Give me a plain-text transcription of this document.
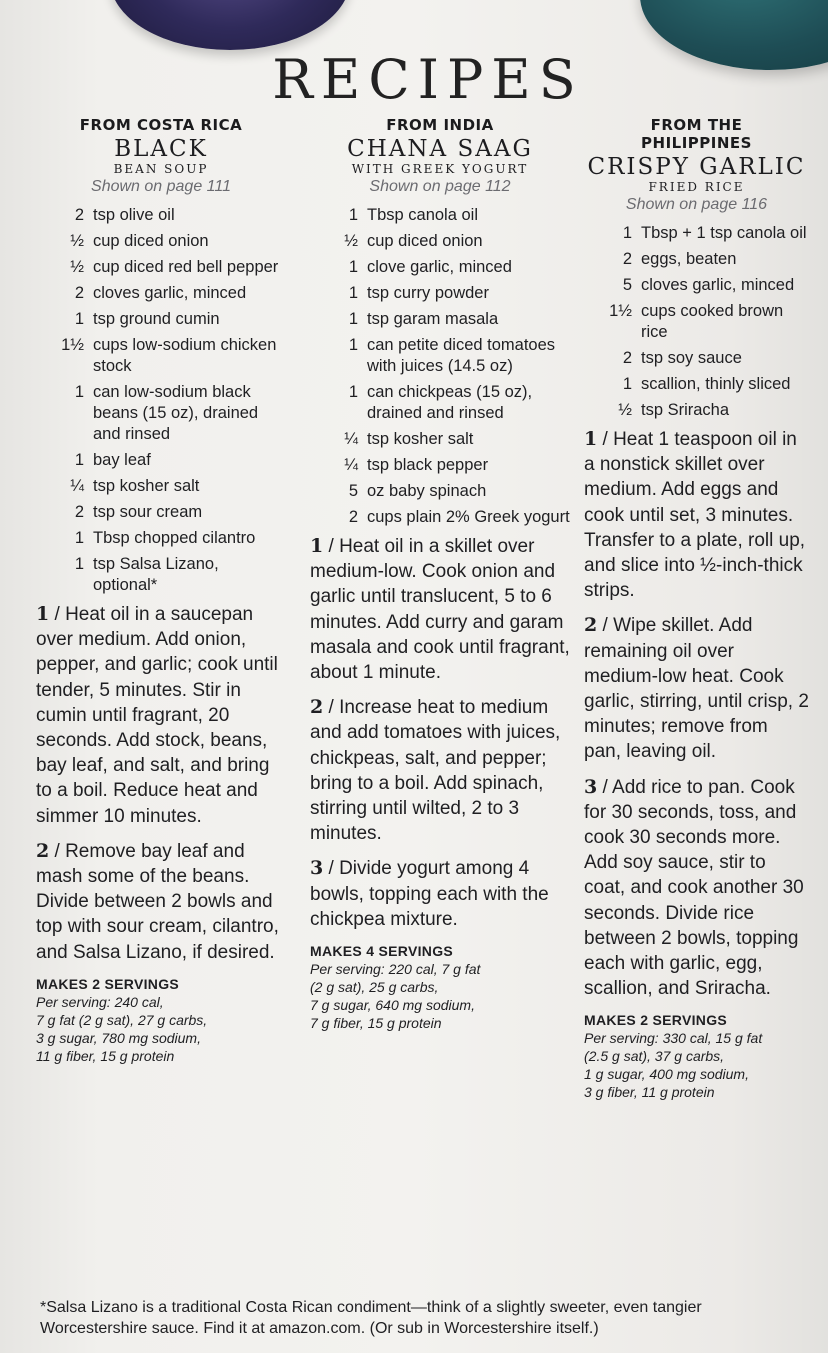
RECIPES
FROM COSTA RICA
BLACK
BEAN SOUP
Shown on page 111
2 tsp olive oil
½ cup diced onion
½ cup diced red bell pepper
2 cloves garlic, minced
1 tsp ground cumin
1½ cups low-sodium chicken stock
1 can low-sodium black beans (15 oz), drained and rinsed
1 bay leaf
¼ tsp kosher salt
2 tsp sour cream
1 Tbsp chopped cilantro
1 tsp Salsa Lizano, optional*
1 / Heat oil in a saucepan over medium. Add onion, pepper, and garlic; cook until tender, 5 minutes. Stir in cumin until fragrant, 20 seconds. Add stock, beans, bay leaf, and salt, and bring to a boil. Reduce heat and simmer 10 minutes.
2 / Remove bay leaf and mash some of the beans. Divide between 2 bowls and top with sour cream, cilantro, and Salsa Lizano, if desired.
MAKES 2 SERVINGS
Per serving: 240 cal,
7 g fat (2 g sat), 27 g carbs,
3 g sugar, 780 mg sodium,
11 g fiber, 15 g protein
FROM INDIA
CHANA SAAG
WITH GREEK YOGURT
Shown on page 112
1 Tbsp canola oil
½ cup diced onion
1 clove garlic, minced
1 tsp curry powder
1 tsp garam masala
1 can petite diced tomatoes with juices (14.5 oz)
1 can chickpeas (15 oz), drained and rinsed
¼ tsp kosher salt
¼ tsp black pepper
5 oz baby spinach
2 cups plain 2% Greek yogurt
1 / Heat oil in a skillet over medium-low. Cook onion and garlic until translucent, 5 to 6 minutes. Add curry and garam masala and cook until fragrant, about 1 minute.
2 / Increase heat to medium and add tomatoes with juices, chickpeas, salt, and pepper; bring to a boil. Add spinach, stirring until wilted, 2 to 3 minutes.
3 / Divide yogurt among 4 bowls, topping each with the chickpea mixture.
MAKES 4 SERVINGS
Per serving: 220 cal, 7 g fat
(2 g sat), 25 g carbs,
7 g sugar, 640 mg sodium,
7 g fiber, 15 g protein
FROM THE
PHILIPPINES
CRISPY GARLIC
FRIED RICE
Shown on page 116
1 Tbsp + 1 tsp canola oil
2 eggs, beaten
5 cloves garlic, minced
1½ cups cooked brown rice
2 tsp soy sauce
1 scallion, thinly sliced
½ tsp Sriracha
1 / Heat 1 teaspoon oil in a nonstick skillet over medium. Add eggs and cook until set, 3 minutes. Transfer to a plate, roll up, and slice into ½-inch-thick strips.
2 / Wipe skillet. Add remaining oil over medium-low heat. Cook garlic, stirring, until crisp, 2 minutes; remove from pan, leaving oil.
3 / Add rice to pan. Cook for 30 seconds, toss, and cook 30 seconds more. Add soy sauce, stir to coat, and cook another 30 seconds. Divide rice between 2 bowls, topping each with garlic, egg, scallion, and Sriracha.
MAKES 2 SERVINGS
Per serving: 330 cal, 15 g fat
(2.5 g sat), 37 g carbs,
1 g sugar, 400 mg sodium,
3 g fiber, 11 g protein
*Salsa Lizano is a traditional Costa Rican condiment—think of a slightly sweeter, even tangier Worcestershire sauce. Find it at amazon.com. (Or sub in Worcestershire itself.)
